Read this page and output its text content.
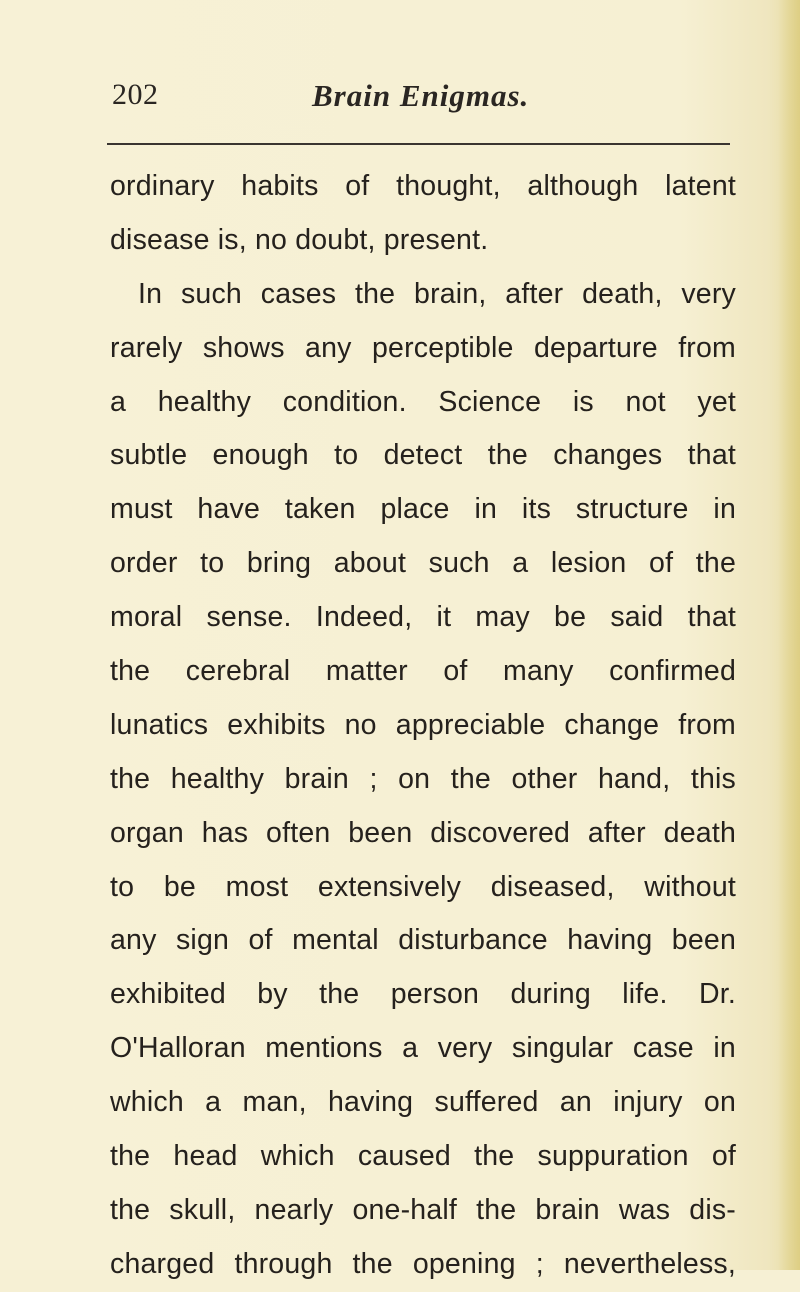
202	Brain Enigmas.
ordinary habits of thought, although latent
disease is, no doubt, present.
In such cases the brain, after death, very
rarely shows any perceptible departure from
a healthy condition. Science is not yet
subtle enough to detect the changes that
must have taken place in its structure in
order to bring about such a lesion of the
moral sense. Indeed, it may be said that
the cerebral matter of many confirmed
lunatics exhibits no appreciable change from
the healthy brain ; on the other hand, this
organ has often been discovered after death
to be most extensively diseased, without
any sign of mental disturbance having been
exhibited by the person during life. Dr.
O'Halloran mentions a very singular case in
which a man, having suffered an injury on
the head which caused the suppuration of
the skull, nearly one-half the brain was dis-
charged through the opening ; nevertheless,
